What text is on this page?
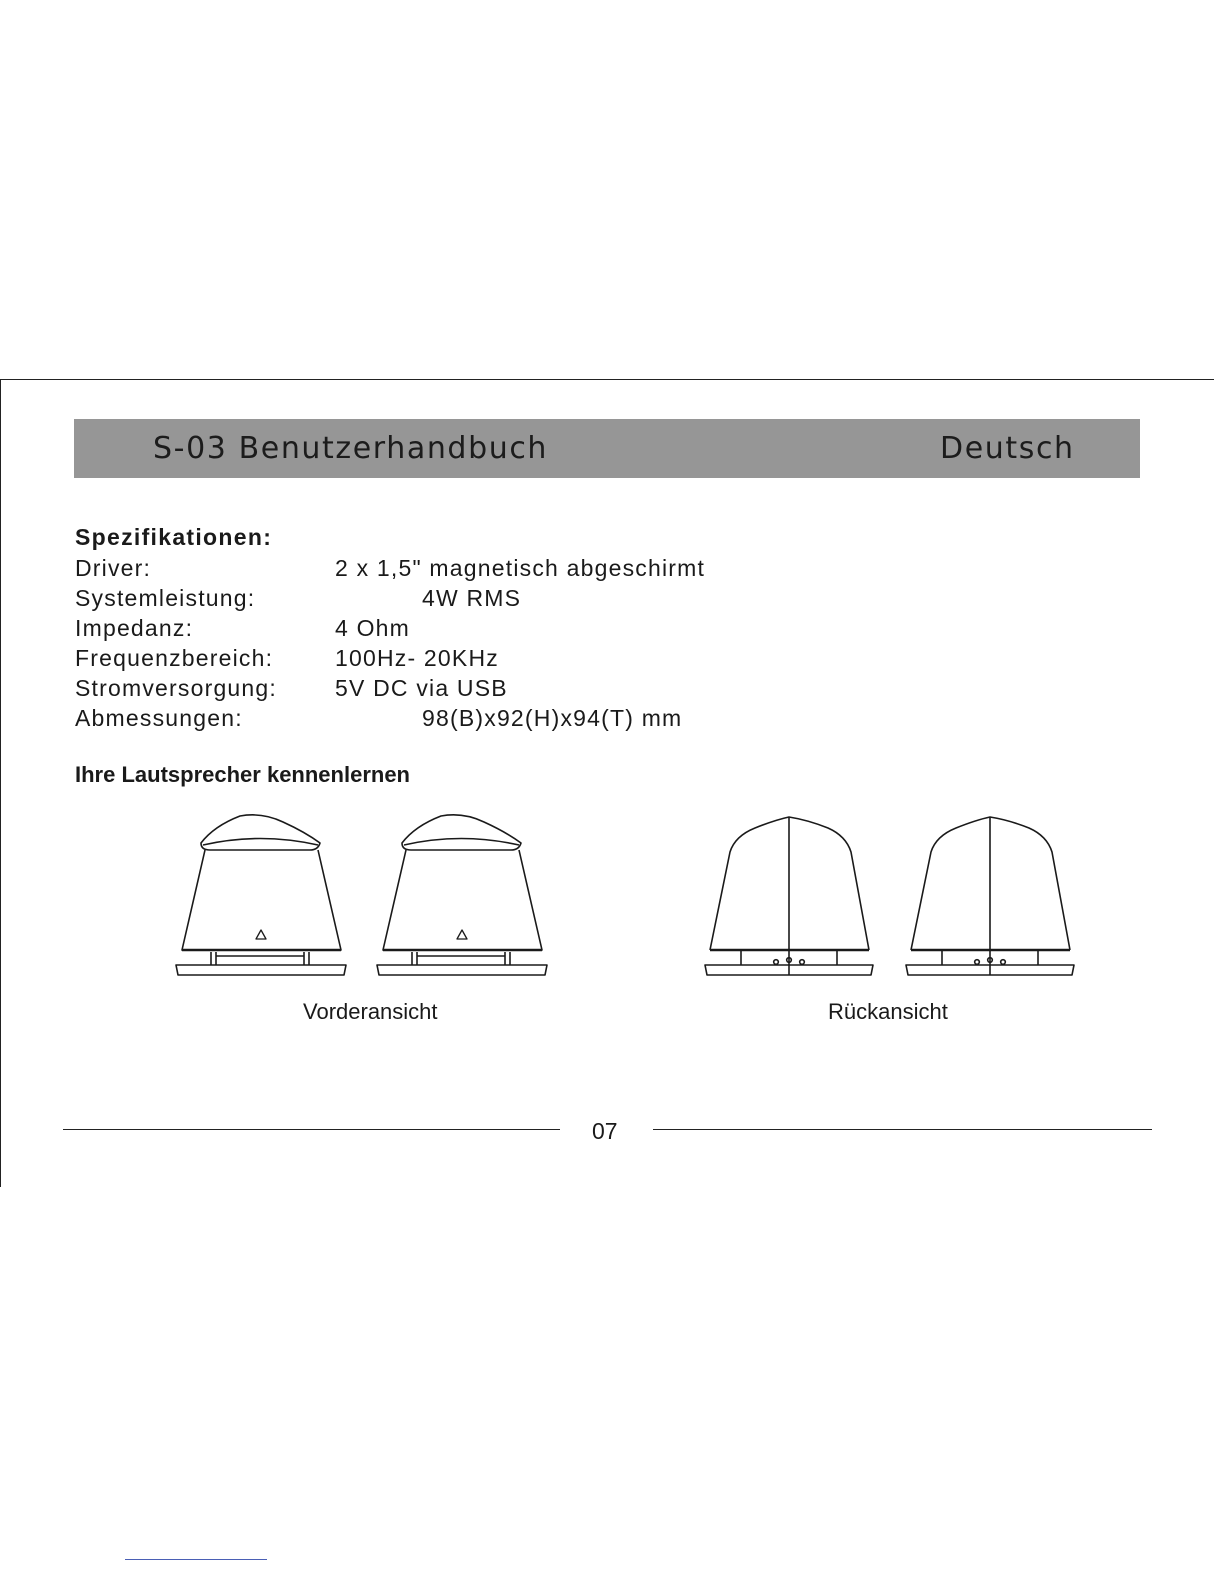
S-03 Benutzerhandbuch	Deutsch
Spezifikationen:
Driver:	2 x 1,5" magnetisch abgeschirmt
Systemleistung:	4W RMS
Impedanz:	4 Ohm
Frequenzbereich:	100Hz- 20KHz
Stromversorgung:	5V DC via USB
Abmessungen:	98(B)x92(H)x94(T) mm
Ihre Lautsprecher kennenlernen
Vorderansicht	Rückansicht
07
